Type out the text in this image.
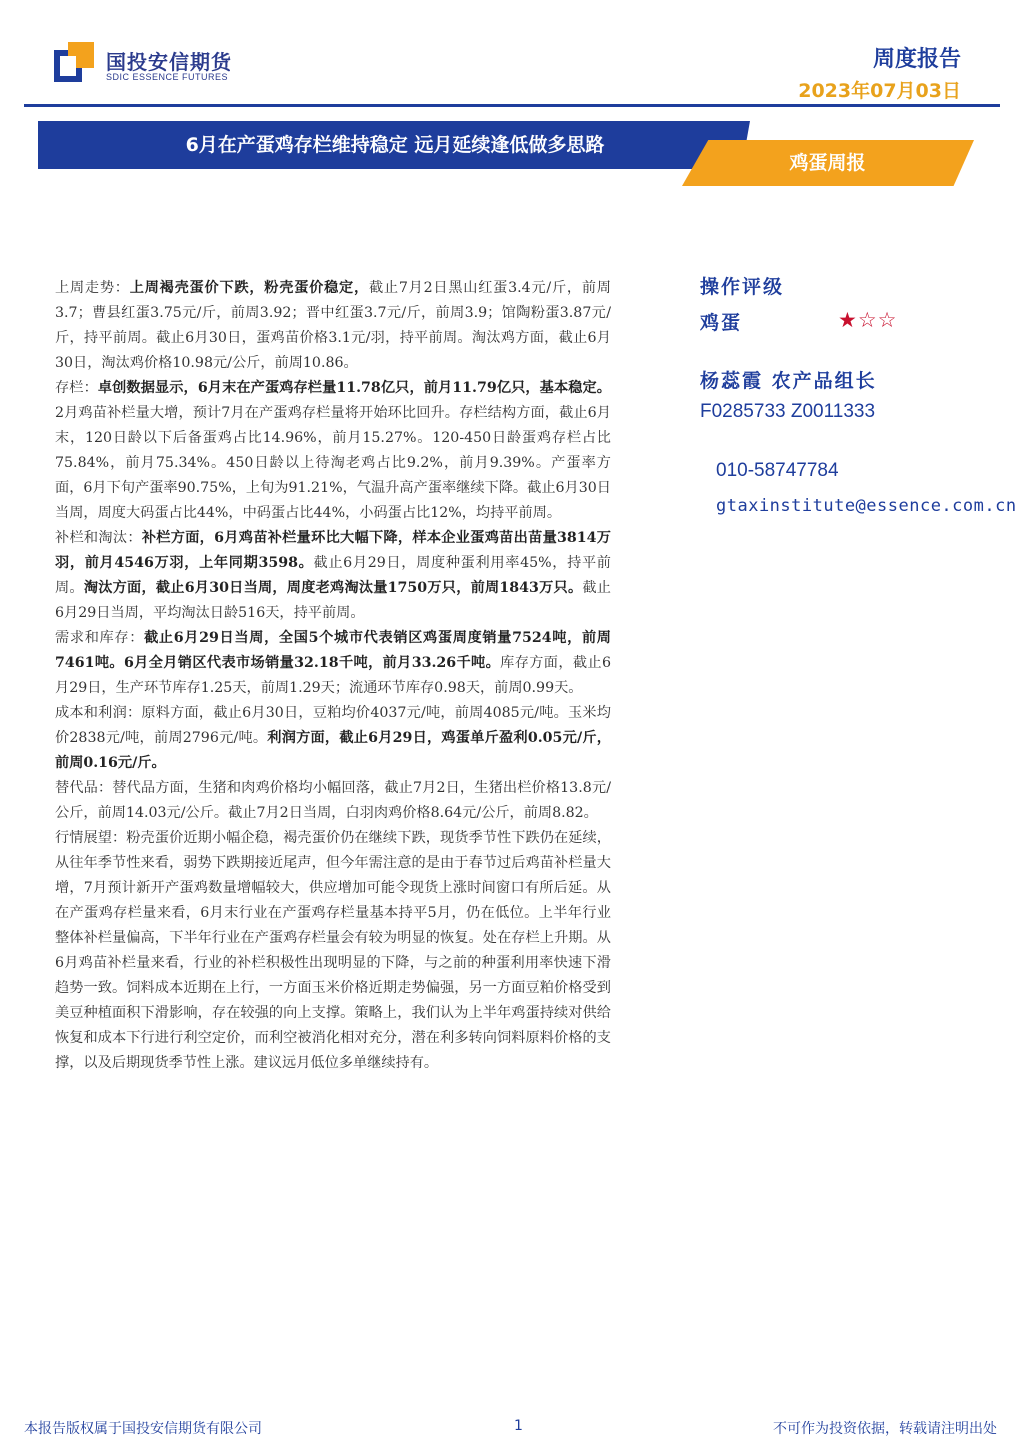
国投安信期货
SDIC ESSENCE FUTURES
周度报告
2023年07月03日
6月在产蛋鸡存栏维持稳定 远月延续逢低做多思路
鸡蛋周报

上周走势：上周褐壳蛋价下跌，粉壳蛋价稳定，截止7月2日黑山红蛋3.4元/斤，前周3.7；曹县红蛋3.75元/斤，前周3.92；晋中红蛋3.7元/斤，前周3.9；馆陶粉蛋3.87元/斤，持平前周。截止6月30日，蛋鸡苗价格3.1元/羽，持平前周。淘汰鸡方面，截止6月30日，淘汰鸡价格10.98元/公斤，前周10.86。

存栏：卓创数据显示，6月末在产蛋鸡存栏量11.78亿只，前月11.79亿只，基本稳定。2月鸡苗补栏量大增，预计7月在产蛋鸡存栏量将开始环比回升。存栏结构方面，截止6月末，120日龄以下后备蛋鸡占比14.96%，前月15.27%。120-450日龄蛋鸡存栏占比75.84%，前月75.34%。450日龄以上待淘老鸡占比9.2%，前月9.39%。产蛋率方面，6月下旬产蛋率90.75%，上旬为91.21%，气温升高产蛋率继续下降。截止6月30日当周，周度大码蛋占比44%，中码蛋占比44%，小码蛋占比12%，均持平前周。

补栏和淘汰：补栏方面，6月鸡苗补栏量环比大幅下降，样本企业蛋鸡苗出苗量3814万羽，前月4546万羽，上年同期3598。截止6月29日，周度种蛋利用率45%，持平前周。淘汰方面，截止6月30日当周，周度老鸡淘汰量1750万只，前周1843万只。截止6月29日当周，平均淘汰日龄516天，持平前周。

需求和库存：截止6月29日当周，全国5个城市代表销区鸡蛋周度销量7524吨，前周7461吨。6月全月销区代表市场销量32.18千吨，前月33.26千吨。库存方面，截止6月29日，生产环节库存1.25天，前周1.29天；流通环节库存0.98天，前周0.99天。

成本和利润：原料方面，截止6月30日，豆粕均价4037元/吨，前周4085元/吨。玉米均价2838元/吨，前周2796元/吨。利润方面，截止6月29日，鸡蛋单斤盈利0.05元/斤，前周0.16元/斤。

替代品：替代品方面，生猪和肉鸡价格均小幅回落，截止7月2日，生猪出栏价格13.8元/公斤，前周14.03元/公斤。截止7月2日当周，白羽肉鸡价格8.64元/公斤，前周8.82。

行情展望：粉壳蛋价近期小幅企稳，褐壳蛋价仍在继续下跌，现货季节性下跌仍在延续，从往年季节性来看，弱势下跌期接近尾声，但今年需注意的是由于春节过后鸡苗补栏量大增，7月预计新开产蛋鸡数量增幅较大，供应增加可能令现货上涨时间窗口有所后延。从在产蛋鸡存栏量来看，6月末行业在产蛋鸡存栏量基本持平5月，仍在低位。上半年行业整体补栏量偏高，下半年行业在产蛋鸡存栏量会有较为明显的恢复。处在存栏上升期。从6月鸡苗补栏量来看，行业的补栏积极性出现明显的下降，与之前的种蛋利用率快速下滑趋势一致。饲料成本近期在上行，一方面玉米价格近期走势偏强，另一方面豆粕价格受到美豆种植面积下滑影响，存在较强的向上支撑。策略上，我们认为上半年鸡蛋持续对供给恢复和成本下行进行利空定价，而利空被消化相对充分，潜在利多转向饲料原料价格的支撑，以及后期现货季节性上涨。建议远月低位多单继续持有。

操作评级
鸡蛋	★☆☆
杨蕊霞 农产品组长
F0285733 Z0011333
010-58747784
gtaxinstitute@essence.com.cn
本报告版权属于国投安信期货有限公司	1	不可作为投资依据，转载请注明出处
